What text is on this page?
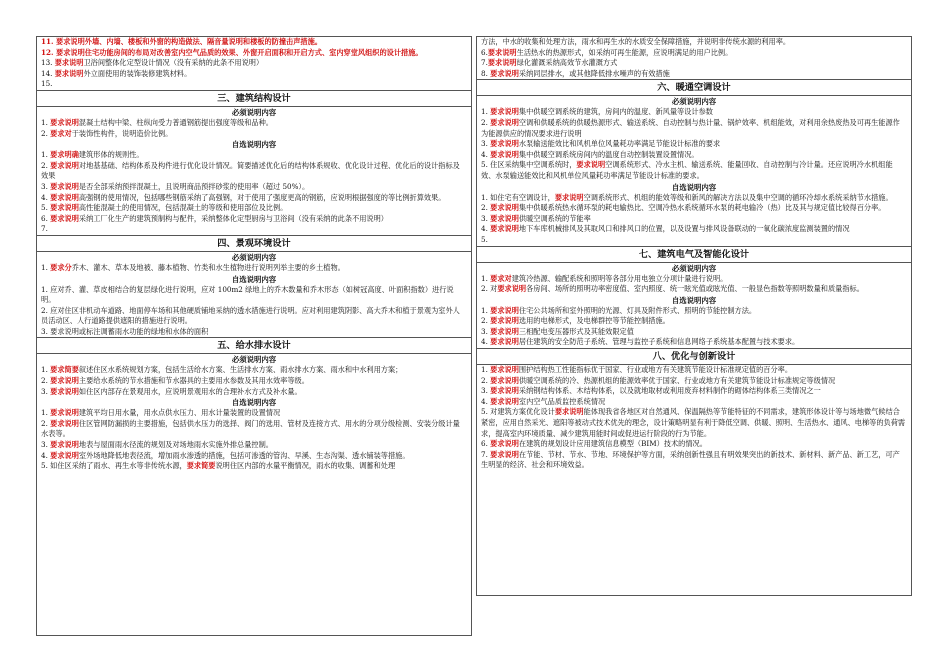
11. 要求说明外墙、内墙、楼板和外窗的构造做法、隔音量说明和楼板的防撞击声措施。
12. 要求说明住宅功能房间的布局对改善室内空气品质的效果、外窗开启面积和开启方式、室内穿堂风组织的设计措施。
13. 要求说明卫浴间整体化定型设计情况（没有采纳的此条不用说明）
14. 要求说明外立面使用的装饰装修建筑材料。
15.
三、建筑结构设计
必须说明内容
1. 要求说明混凝土结构中梁、柱纵向受力普通钢筋提出强度等级和品种。
2. 要求对于装饰性构件，说明造价比例。
自选说明内容
1. 要求明确建筑形体的规则性。
2. 要求说明对地基基础、结构体系及构件进行优化设计情况。简要描述优化后的结构体系规收、优化设计过程、优化后的设计指标及效果
3. 要求说明是否全部采纳预拌混凝土，且说明商品预拌砂浆的使用率（超过 50%）。
4. 要求说明高强钢的使用情况，包括哪些钢筋采纳了高强钢，对于使用了强度更高的钢筋，应说明根据强度的等比例折算效果。
5. 要求说明高性能混凝土的使用情况，包括混凝土的等级和使用部位及比例。
6. 要求说明采纳工厂化生产的建筑预制构与配件，采纳整体化定型厨房与卫浴间（没有采纳的此条不用说明）
7.
四、景观环境设计
必须说明内容
1. 要求分乔木、灌木、草本及地被、藤本植物、竹类和水生植物进行说明列举主要的乡土植物。
自选说明内容
1. 应对乔、灌、草皮相结合的复层绿化进行说明，应对 100m2 绿地上的乔木数量和乔木形态（如树冠高度、叶面积指数）进行说明。
2. 应对住区非机动车道路、地面停车场和其他硬质铺地采纳的透水措施进行说明。应对利用建筑阴影、高大乔木和植于景观为室外人员活动区、人行道路提供遮阳的措施进行说明。
3. 要求说明或标注调蓄雨水功能的绿地和水体的面积
五、给水排水设计
必须说明内容
1. 要求简要叙述住区水系统规划方案，包括生活给水方案、生活排水方案、雨水排水方案、雨水和中水利用方案；
2. 要求说明主要给水系统的节水措施和节水器具的主要用水参数及其用水效率等级。
3. 要求说明如住区内部存在景观用水，应说明景观用水的合理补水方式及补水量。
自选说明内容
1. 要求说明建筑平均日用水量，用水点供水压力、用水计量装置的设置情况
2. 要求说明住区管网防漏损的主要措施，包括供水压力的选择、阀门的选用、管材及连接方式、用水的分项分级检测、安装分级计量水表等。
3. 要求说明地表与屋面雨水径流的规划及对场地雨水实施外排总量控制。
4. 要求说明室外场地降低地表径流，增加雨水渗透的措施，包括可渗透的管沟、早溪、生态沟渠、透水铺装等措施。
5. 如住区采纳了雨水、再生水等非传统水源，要求简要说明住区内部的水量平衡情况，雨水的收集、调蓄和处理
方法，中水的收集和处理方法，雨水和再生水的水质安全保障措施，并说明非传统水源的利用率。
6.要求说明生活热水的热源形式，如采纳可再生能源，应说明满足的用户比例。
7.要求说明绿化灌溉采纳高效节水灌溉方式
8. 要求说明采纳同层排水，或其他降低排水噪声的有效措施
六、暖通空调设计
必须说明内容
1. 要求说明集中供暖空调系统的建筑，房间内的温度、新风量等设计参数
2. 要求说明空调和供暖系统的供暖热源形式、输送系统、自动控制与热计量、锅炉效率、机组能效，对利用余热废热及可再生能源作为能源供应的情况要求进行说明
3. 要求说明水泵输送能效比和风机单位风量耗功率满足节能设计标准的要求
4. 要求说明集中供暖空调系统房间内的温度自动控制装置设置情况。
5. 住区采纳集中空调系统时，要求说明空调系统形式、冷水主机、输送系统、能量回收、自动控制与冷计量。还应说明冷水机组能效、水泵输送能效比和风机单位风量耗功率满足节能设计标准的要求。
自选说明内容
1. 如住宅有空调设计，要求说明空调系统形式、机组的能效等级和新风的解决方法以及集中空调的循环冷却水系统采纳节水措施。
2. 要求说明集中供暖系统热水循环泵的耗电输热比、空调冷热水系统循环水泵的耗电输冷（热）比及其与规定值比较得百分率。
3. 要求说明供暖空调系统的节能率
4. 要求说明地下车库机械排风及其取风口和排风口的位置，以及设置与排风设备联动的一氧化碳浓度监测装置的情况
5.
七、建筑电气及智能化设计
必须说明内容
1. 要求对建筑冷热源、输配系统和照明等各部分用电独立分项计量进行说明。
2. 对要求说明各房间、场所的照明功率密度值、室内照度、统一眩光值或眩光值、一般显色指数等照明数量和质量指标。
自选说明内容
1. 要求说明住宅公共场所和室外照明的光源、灯具及附件形式、照明的节能控制方法。
2. 要求说明选用的电梯形式，及电梯群控等节能控制措施。
3. 要求说明三相配电变压器形式及其能效限定值
4. 要求说明居住建筑的安全防范子系统、管理与监控子系统和信息网络子系统基本配置与技术要求。
八、优化与创新设计
1. 要求说明围护结构热工性能指标优于国家、行业或地方有关建筑节能设计标准规定值的百分率。
2. 要求说明供暖空调系统的冷、热源机组的能源效率优于国家、行业或地方有关建筑节能设计标准规定等级情况
3. 要求说明采纳钢结构体系、木结构体系，以及就地取材或利用废弃材料制作的砌体结构体系三类情况之一
4. 要求说明室内空气品质监控系统情况
5. 对建筑方案优化设计要求说明能体现我省各地区对自然通风、保温隔热等节能特征的不同需求，建筑形体设计等与场地微气候结合紧密，应用自然采光、遮阳等被动式技术优先的理念，设计策略明显有利于降低空调、供暖、照明、生活热水、通风、电梯等的负荷需求，提高室内环境质量、减少建筑用能时间或促进运行阶段的行为节能。
6. 要求说明在建筑的规划设计应用建筑信息模型（BIM）技术的情况。
7. 要求说明在节能、节材、节水、节地、环境保护等方面，采纳创新性强且有明效果突出的新技术、新材料、新产品、新工艺，可产生明显的经济、社会和环境效益。
